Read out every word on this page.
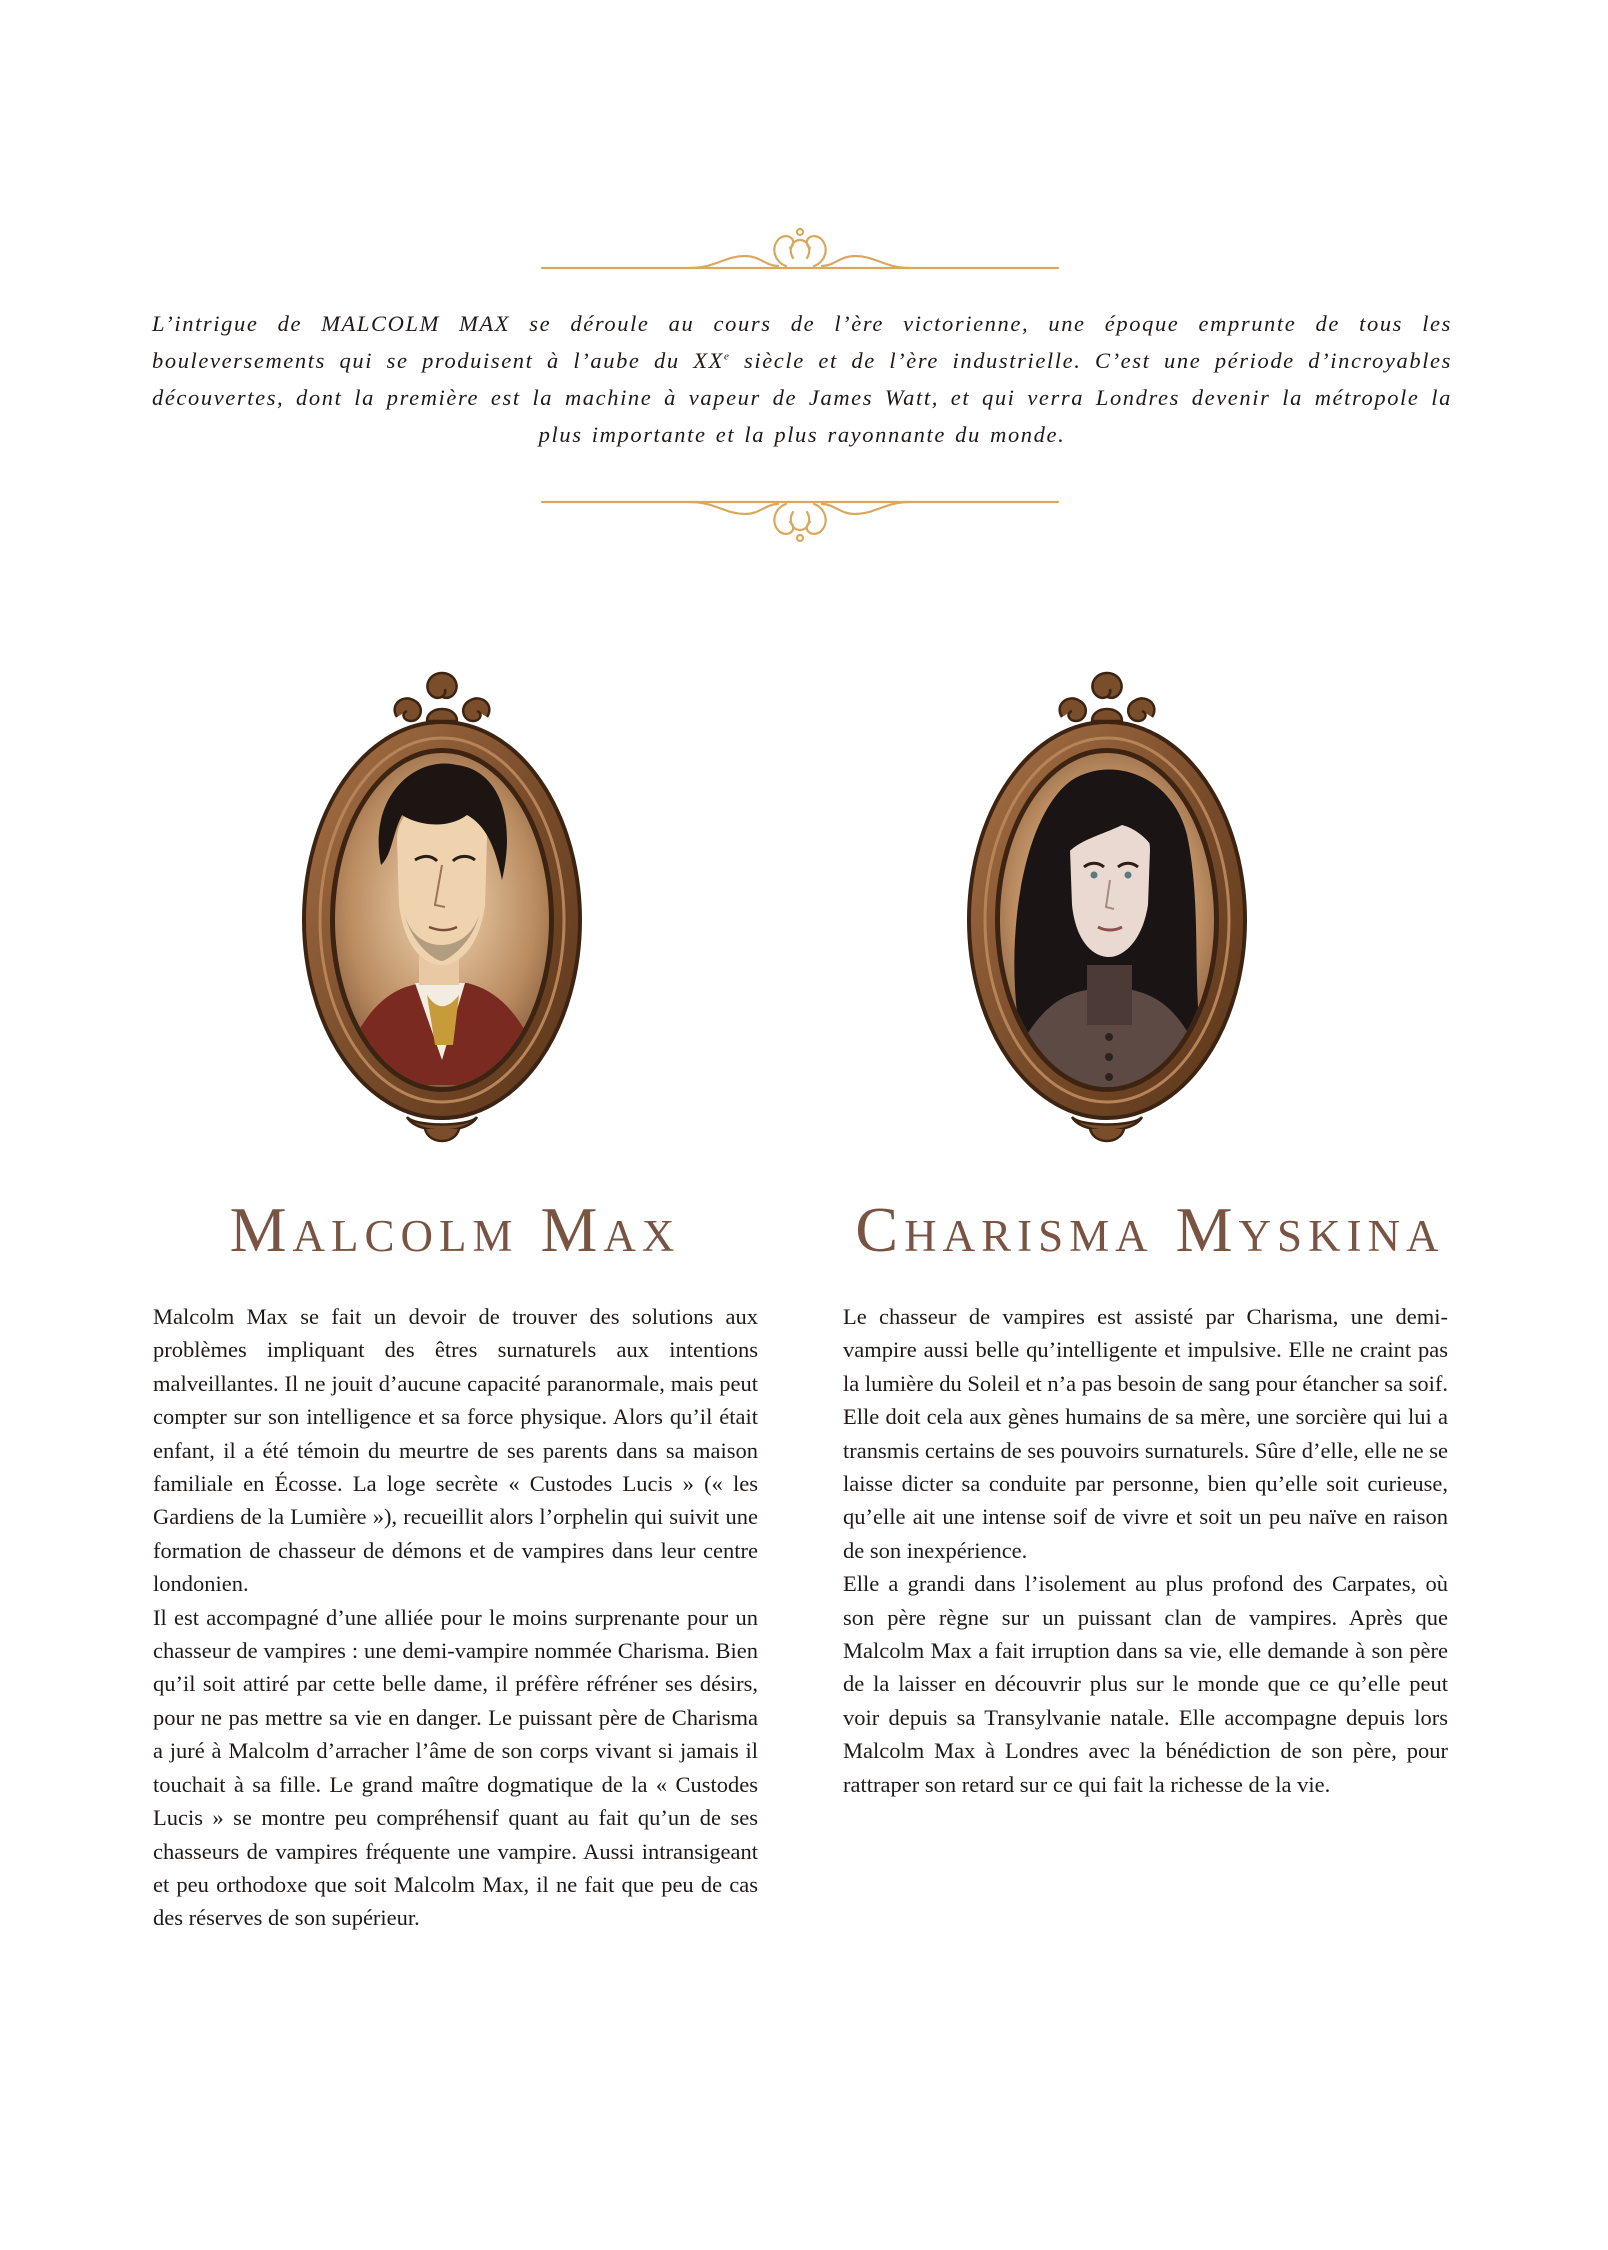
L’intrigue de MALCOLM MAX se déroule au cours de l’ère victorienne, une époque emprunte de tous les bouleversements qui se produisent à l’aube du XXe siècle et de l’ère industrielle. C’est une période d’incroyables découvertes, dont la première est la machine à vapeur de James Watt, et qui verra Londres devenir la métropole la plus importante et la plus rayonnante du monde.

Malcolm Max	Charisma Myskina

Malcolm Max se fait un devoir de trouver des solutions aux problèmes impliquant des êtres surnaturels aux intentions malveillantes. Il ne jouit d’aucune capacité paranormale, mais peut compter sur son intelligence et sa force physique. Alors qu’il était enfant, il a été témoin du meurtre de ses parents dans sa maison familiale en Écosse. La loge secrète « Custodes Lucis » (« les Gardiens de la Lumière »), recueillit alors l’orphelin qui suivit une formation de chasseur de démons et de vampires dans leur centre londonien.

Il est accompagné d’une alliée pour le moins surprenante pour un chasseur de vampires : une demi-vampire nommée Charisma. Bien qu’il soit attiré par cette belle dame, il préfère réfréner ses désirs, pour ne pas mettre sa vie en danger. Le puissant père de Charisma a juré à Malcolm d’arracher l’âme de son corps vivant si jamais il touchait à sa fille. Le grand maître dogmatique de la « Custodes Lucis » se montre peu compréhensif quant au fait qu’un de ses chasseurs de vampires fréquente une vampire. Aussi intransigeant et peu orthodoxe que soit Malcolm Max, il ne fait que peu de cas des réserves de son supérieur.

Le chasseur de vampires est assisté par Charisma, une demi-vampire aussi belle qu’intelligente et impulsive. Elle ne craint pas la lumière du Soleil et n’a pas besoin de sang pour étancher sa soif. Elle doit cela aux gènes humains de sa mère, une sorcière qui lui a transmis certains de ses pouvoirs surnaturels. Sûre d’elle, elle ne se laisse dicter sa conduite par personne, bien qu’elle soit curieuse, qu’elle ait une intense soif de vivre et soit un peu naïve en raison de son inexpérience.

Elle a grandi dans l’isolement au plus profond des Carpates, où son père règne sur un puissant clan de vampires. Après que Malcolm Max a fait irruption dans sa vie, elle demande à son père de la laisser en découvrir plus sur le monde que ce qu’elle peut voir depuis sa Transylvanie natale. Elle accompagne depuis lors Malcolm Max à Londres avec la bénédiction de son père, pour rattraper son retard sur ce qui fait la richesse de la vie.
